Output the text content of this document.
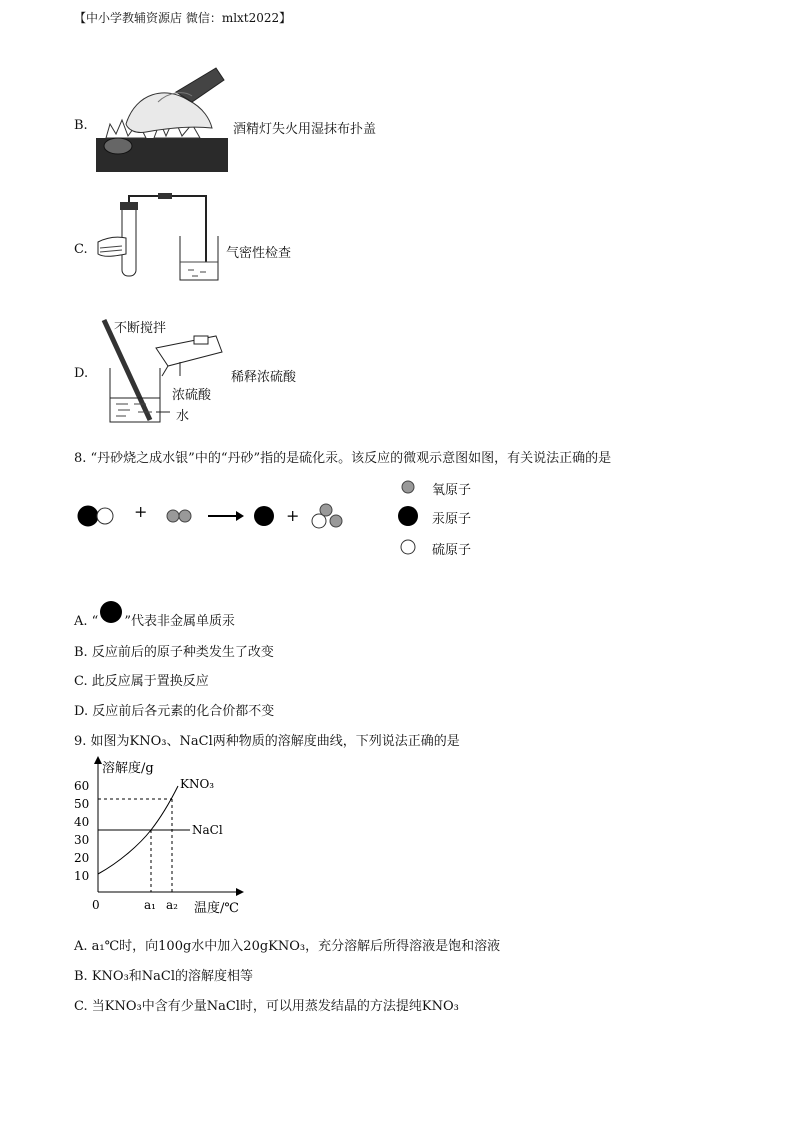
【中小学教辅资源店 微信：mlxt2022】
B.	酒精灯失火用湿抹布扑盖
C.	气密性检查
D.
不断搅拌
浓硫酸
水
稀释浓硫酸
8. “丹砂烧之成水银”中的“丹砂”指的是硫化汞。该反应的微观示意图如图，有关说法正确的是
+	+
氧原子
汞原子
硫原子
A. “ ”代表非金属单质汞
B. 反应前后的原子种类发生了改变
C. 此反应属于置换反应
D. 反应前后各元素的化合价都不变
9. 如图为KNO₃、NaCl两种物质的溶解度曲线，下列说法正确的是
60
50
40
30
20
10
溶解度/g
温度/℃
0	a₁ a₂
NaCl
KNO₃
A. a₁℃时，向100g水中加入20gKNO₃，充分溶解后所得溶液是饱和溶液
B. KNO₃和NaCl的溶解度相等
C. 当KNO₃中含有少量NaCl时，可以用蒸发结晶的方法提纯KNO₃
